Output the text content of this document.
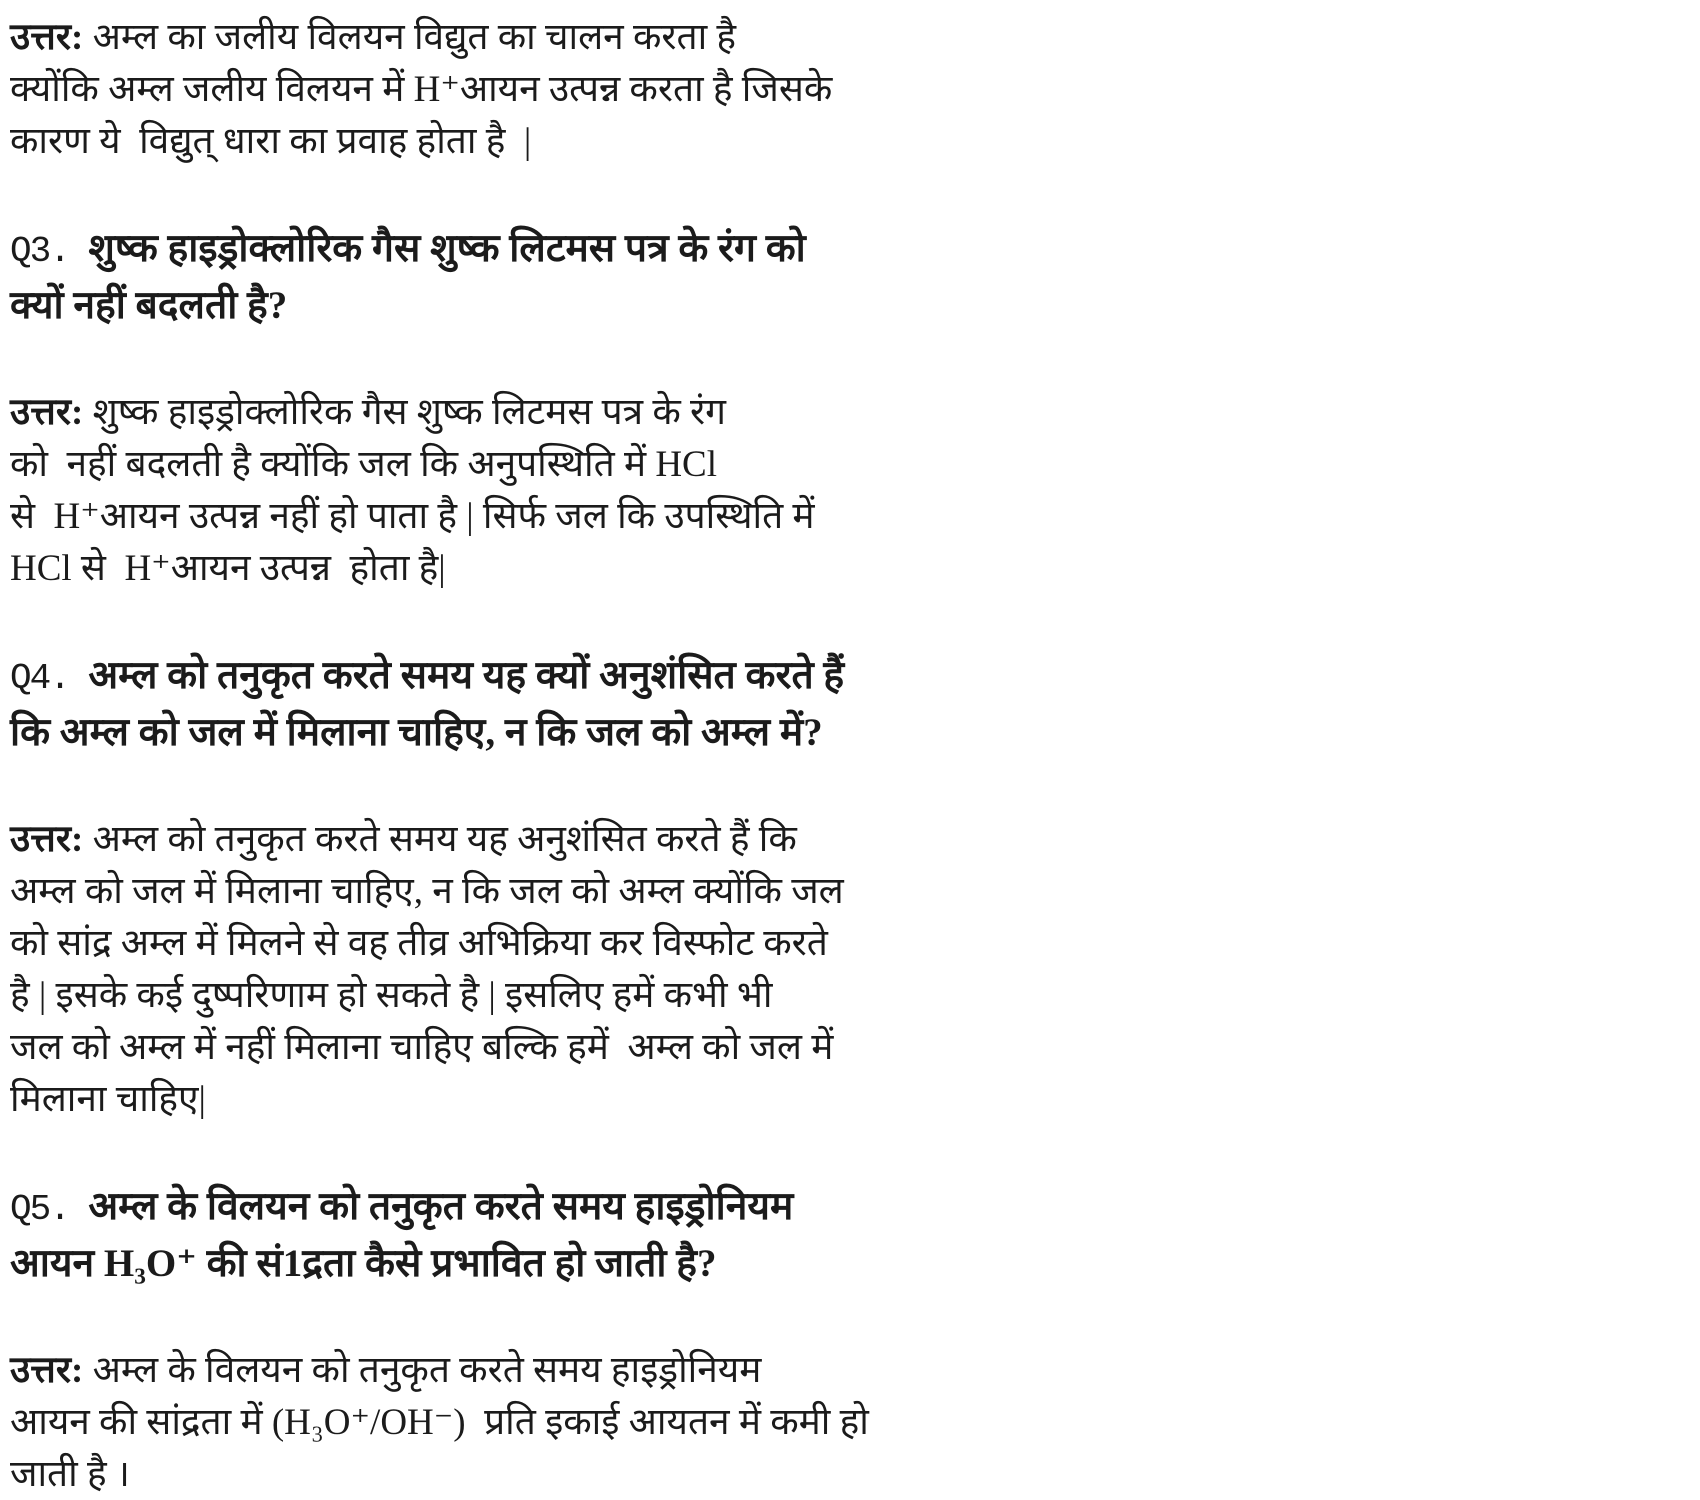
उत्तर: अम्ल का जलीय विलयन विद्युत का चालन करता है
क्योंकि अम्ल जलीय विलयन में H⁺आयन उत्पन्न करता है जिसके
कारण ये  विद्युत् धारा का प्रवाह होता है  |
Q3.  शुष्क हाइड्रोक्लोरिक गैस शुष्क लिटमस पत्र के रंग को
क्यों नहीं बदलती है?
उत्तर: शुष्क हाइड्रोक्लोरिक गैस शुष्क लिटमस पत्र के रंग
को  नहीं बदलती है क्योंकि जल कि अनुपस्थिति में HCl
से  H⁺आयन उत्पन्न नहीं हो पाता है | सिर्फ जल कि उपस्थिति में
HCl से  H⁺आयन उत्पन्न  होता है|
Q4.  अम्ल को तनुकृत करते समय यह क्यों अनुशंसित करते हैं
कि अम्ल को जल में मिलाना चाहिए, न कि जल को अम्ल में?
उत्तर: अम्ल को तनुकृत करते समय यह अनुशंसित करते हैं कि
अम्ल को जल में मिलाना चाहिए, न कि जल को अम्ल क्योंकि जल
को सांद्र अम्ल में मिलने से वह तीव्र अभिक्रिया कर विस्फोट करते
है | इसके कई दुष्परिणाम हो सकते है | इसलिए हमें कभी भी
जल को अम्ल में नहीं मिलाना चाहिए बल्कि हमें  अम्ल को जल में
मिलाना चाहिए|
Q5.  अम्ल के विलयन को तनुकृत करते समय हाइड्रोनियम
आयन H₃O⁺ की सं1द्रता कैसे प्रभावित हो जाती है?
उत्तर: अम्ल के विलयन को तनुकृत करते समय हाइड्रोनियम
आयन की सांद्रता में (H₃O⁺/OH⁻)  प्रति इकाई आयतन में कमी हो
जाती है ।
